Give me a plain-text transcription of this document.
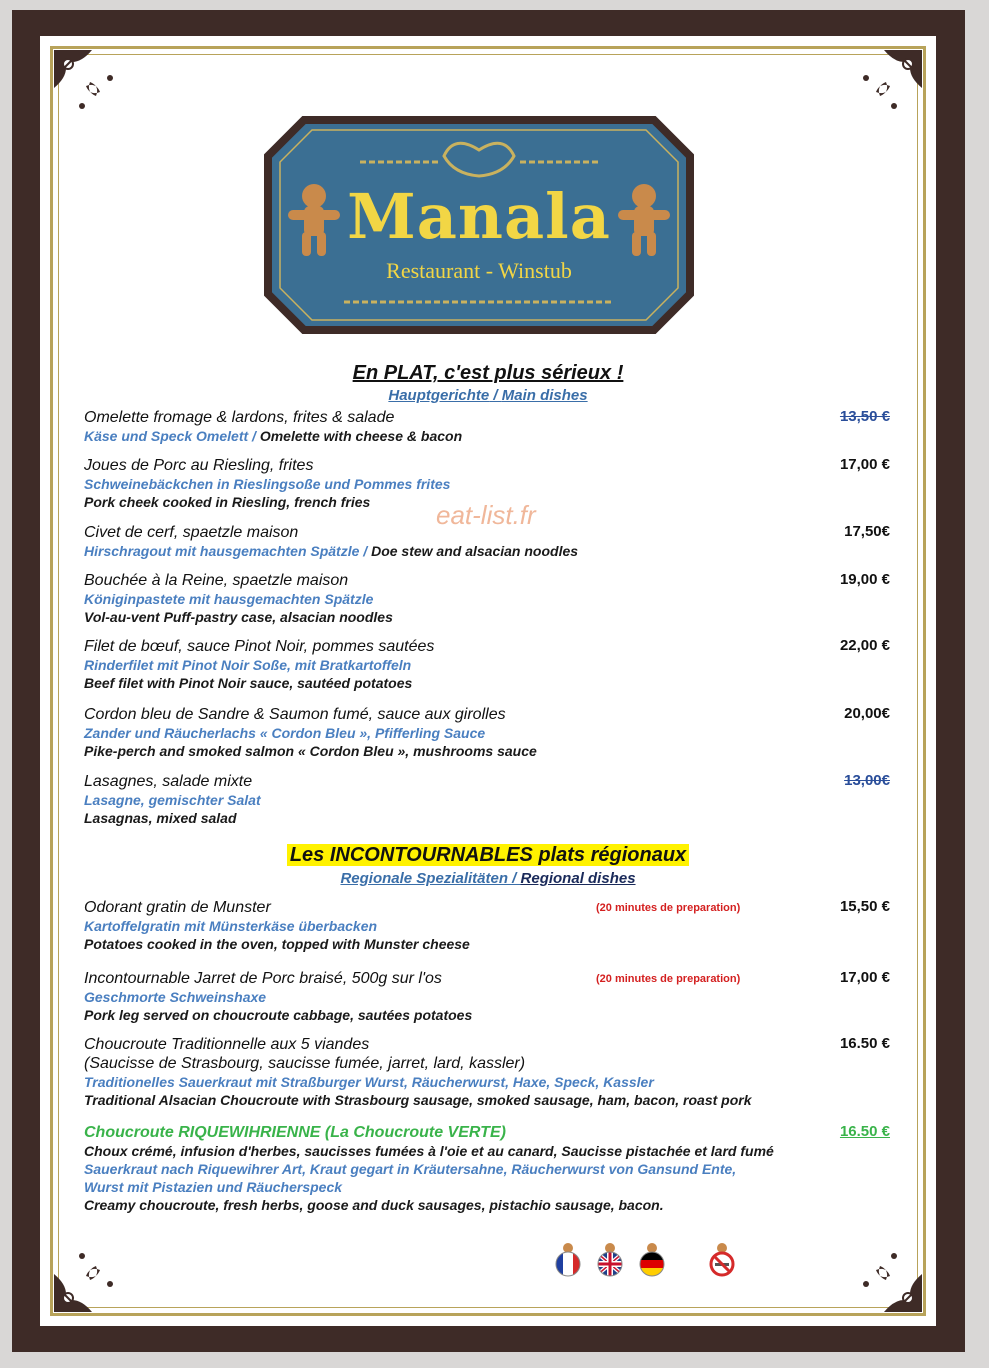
Manala
Restaurant - Winstub
En PLAT, c'est plus sérieux !
Hauptgerichte / Main dishes
Omelette fromage & lardons, frites & salade
Käse und Speck Omelett / Omelette with cheese & bacon
13,50 €
Joues de Porc au Riesling, frites
Schweinebäckchen in Rieslingsoße und Pommes frites
Pork cheek cooked in Riesling, french fries
17,00 €
Civet de cerf, spaetzle maison
Hirschragout mit hausgemachten Spätzle / Doe stew and alsacian noodles
17,50€
Bouchée à la Reine, spaetzle maison
Königinpastete mit hausgemachten Spätzle
Vol-au-vent Puff-pastry case, alsacian noodles
19,00 €
Filet de bœuf, sauce Pinot Noir, pommes sautées
Rinderfilet mit Pinot Noir Soße, mit Bratkartoffeln
Beef filet with Pinot Noir sauce, sautéed potatoes
22,00 €
Cordon bleu de Sandre & Saumon fumé, sauce aux girolles
Zander und Räucherlachs « Cordon Bleu », Pfifferling Sauce
Pike-perch and smoked salmon « Cordon Bleu », mushrooms sauce
20,00€
Lasagnes, salade mixte
Lasagne, gemischter Salat
Lasagnas, mixed salad
13,00€
Les INCONTOURNABLES plats régionaux
Regionale Spezialitäten / Regional dishes
Odorant gratin de Munster	(20 minutes de preparation)
Kartoffelgratin mit Münsterkäse überbacken
Potatoes cooked in the oven, topped with Munster cheese
15,50 €
Incontournable Jarret de Porc braisé, 500g sur l'os	(20 minutes de preparation)
Geschmorte Schweinshaxe
Pork leg served on choucroute cabbage, sautées potatoes
17,00 €
Choucroute Traditionnelle aux 5 viandes
(Saucisse de Strasbourg, saucisse fumée, jarret, lard, kassler)
Traditionelles Sauerkraut mit Straßburger Wurst, Räucherwurst, Haxe, Speck, Kassler
Traditional Alsacian Choucroute with Strasbourg sausage, smoked sausage, ham, bacon, roast pork
16.50 €
Choucroute RIQUEWIHRIENNE (La Choucroute VERTE)
Choux crémé, infusion d'herbes, saucisses fumées à l'oie et au canard, Saucisse pistachée et lard fumé
Sauerkraut nach Riquewihrer Art, Kraut gegart in Kräutersahne, Räucherwurst von Gansund Ente,
Wurst mit Pistazien und Räucherspeck
Creamy choucroute, fresh herbs, goose and duck sausages, pistachio sausage, bacon.
16.50 €
eat-list.fr
